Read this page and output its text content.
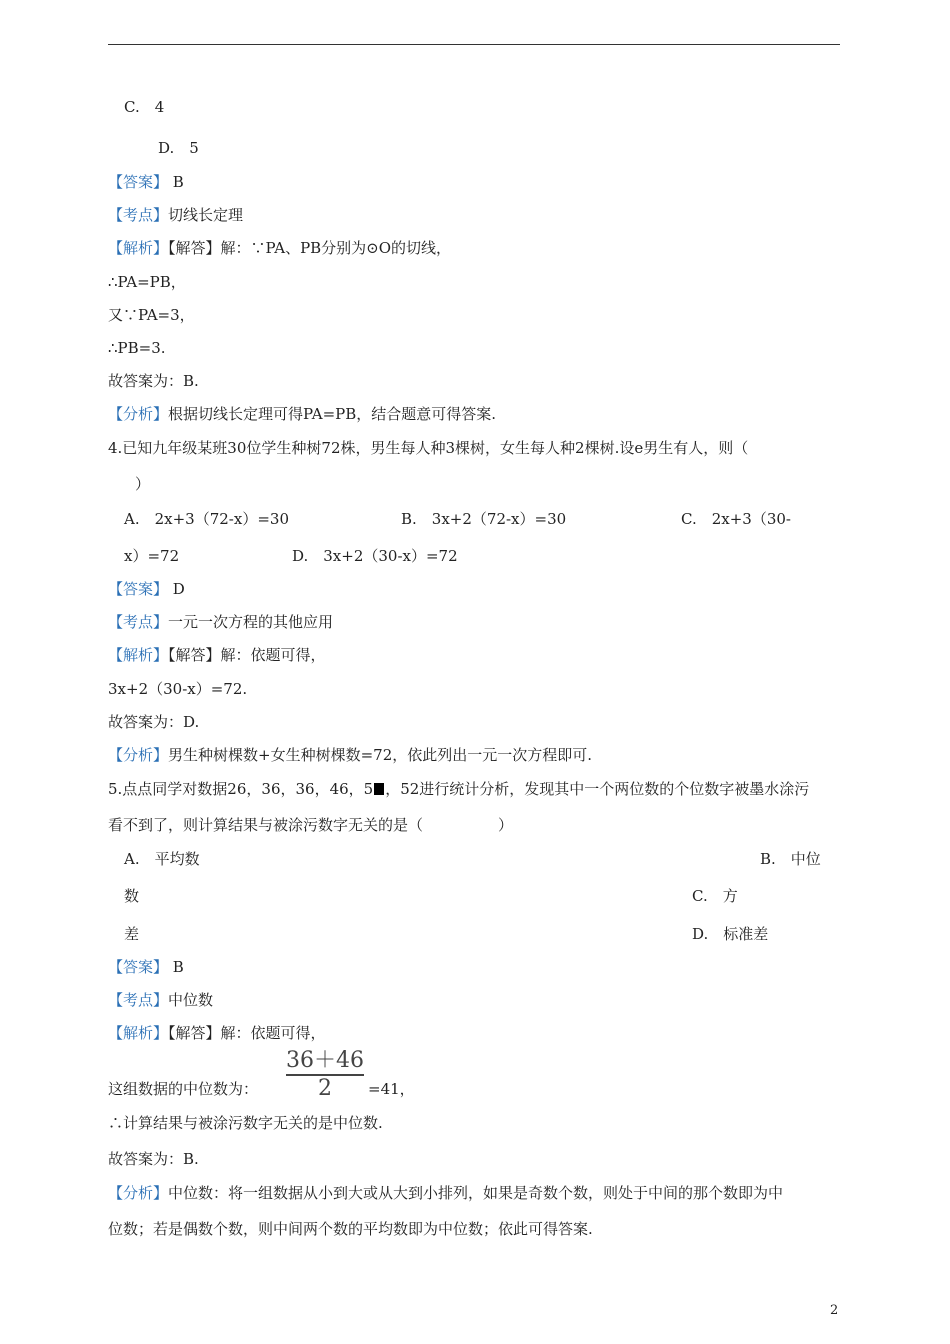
C.　4
D.　5
【答案】 B
【考点】切线长定理
【解析】【解答】解：∵PA、PB分别为⊙O的切线，
∴PA=PB，
又∵PA=3，
∴PB=3.
故答案为：B.
【分析】根据切线长定理可得PA=PB，结合题意可得答案.
4.已知九年级某班30位学生种树72株，男生每人种3棵树，女生每人种2棵树.设e男生有人，则（
）
A.　2x+3（72-x）=30	B.　3x+2（72-x）=30	C.　2x+3（30-
x）=72	D.　3x+2（30-x）=72
【答案】 D
【考点】一元一次方程的其他应用
【解析】【解答】解：依题可得，
3x+2（30-x）=72.
故答案为：D.
【分析】男生种树棵数+女生种树棵数=72，依此列出一元一次方程即可.
5.点点同学对数据26，36，36，46，5 ，52进行统计分析，发现其中一个两位数的个位数字被墨水涂污
看不到了，则计算结果与被涂污数字无关的是（　　　　　）
A.　平均数	B.　中位
数	C.　方
差	D.　标准差
【答案】 B
【考点】中位数
【解析】【解答】解：依题可得，
这组数据的中位数为：
36＋46
2	=41，
∴计算结果与被涂污数字无关的是中位数.
故答案为：B.
【分析】中位数：将一组数据从小到大或从大到小排列，如果是奇数个数，则处于中间的那个数即为中
位数；若是偶数个数，则中间两个数的平均数即为中位数；依此可得答案.
2
